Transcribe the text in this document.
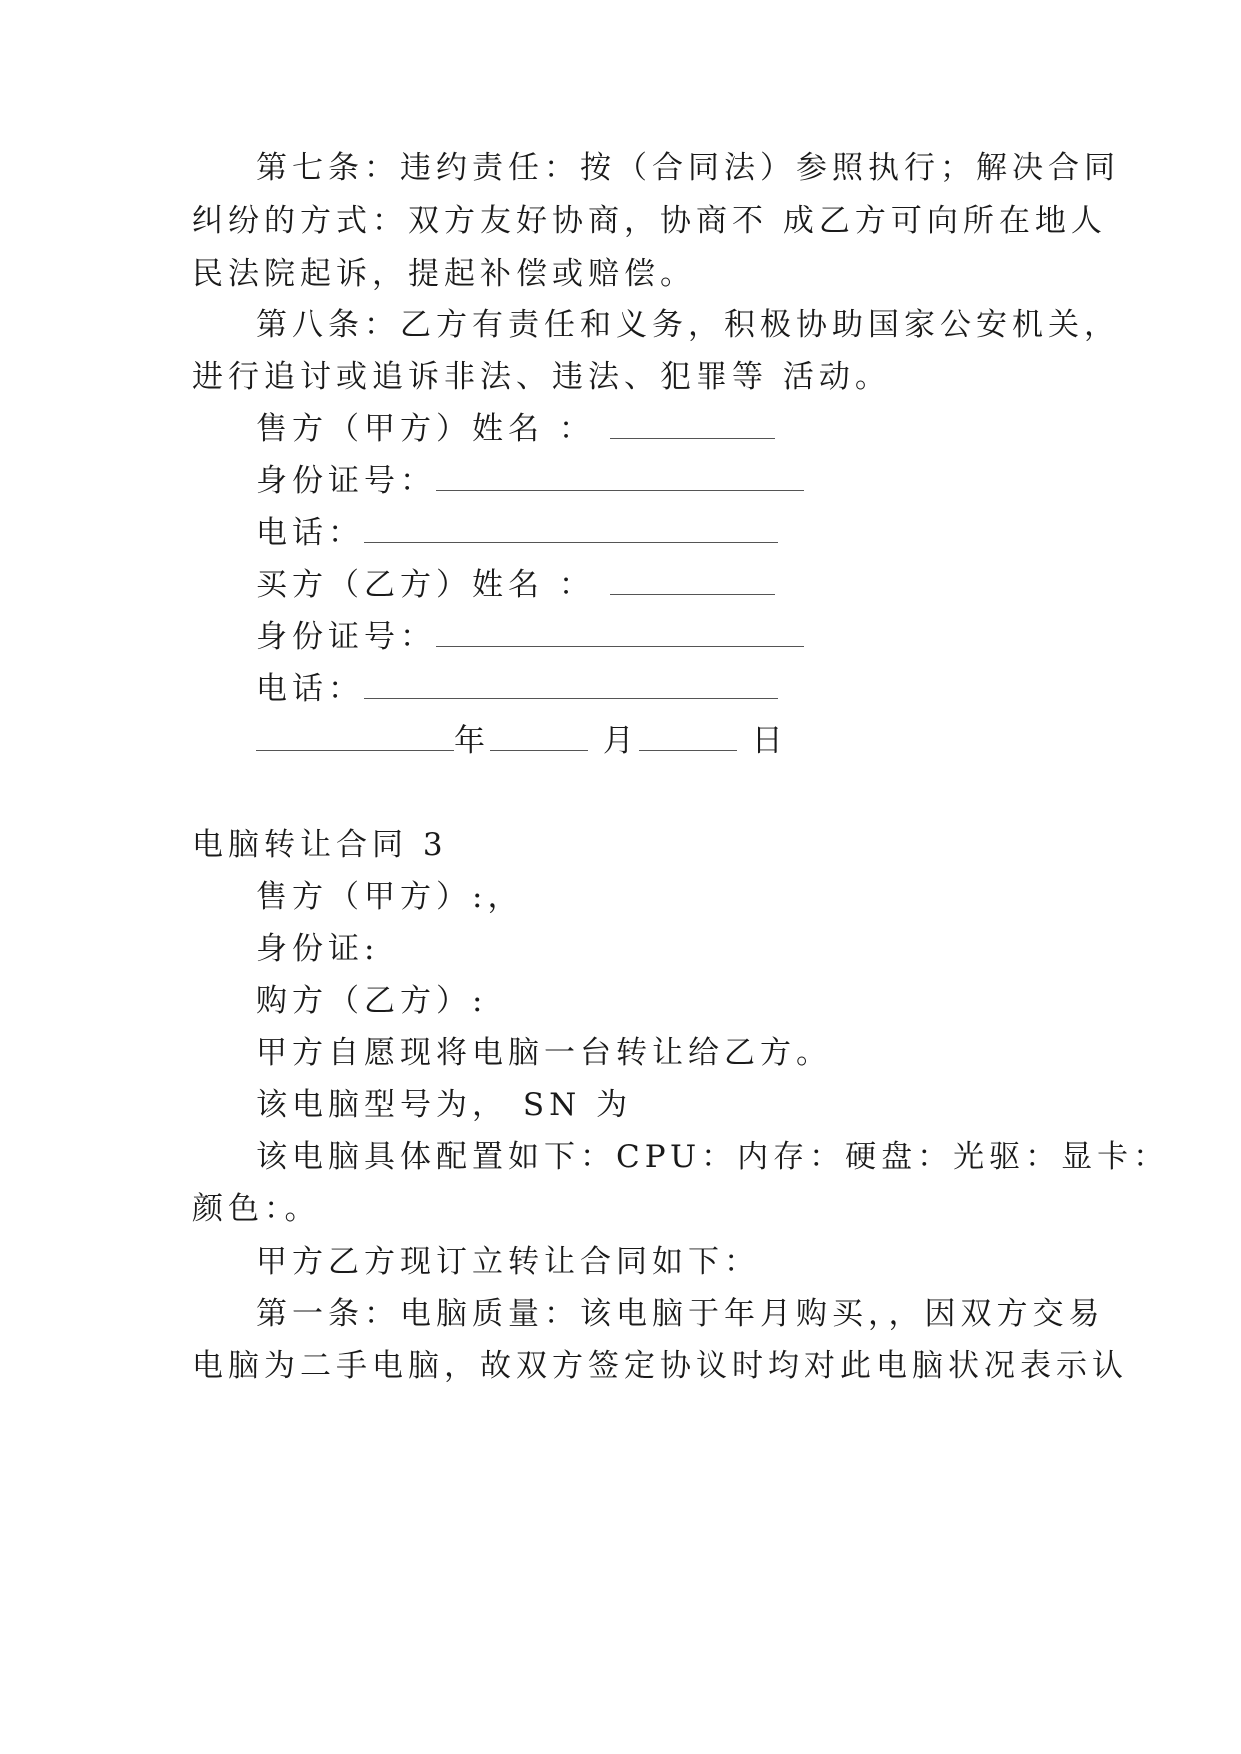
第七条：违约责任：按（合同法）参照执行；解决合同
纠纷的方式：双方友好协商，协商不 成乙方可向所在地人
民法院起诉，提起补偿或赔偿。
第八条：乙方有责任和义务，积极协助国家公安机关，
进行追讨或追诉非法、违法、犯罪等 活动。
售方（甲方）姓名 ：
身份证号：
电话：
买方（乙方）姓名 ：
身份证号：
电话：
年	月	日
电脑转让合同 3
售方（甲方）:，
身份证:
购方（乙方）:
甲方自愿现将电脑一台转让给乙方。
该电脑型号为， SN 为
该电脑具体配置如下：CPU：内存：硬盘：光驱：显卡：
颜色：。
甲方乙方现订立转让合同如下：
第一条：电脑质量：该电脑于年月购买，，因双方交易
电脑为二手电脑，故双方签定协议时均对此电脑状况表示认
